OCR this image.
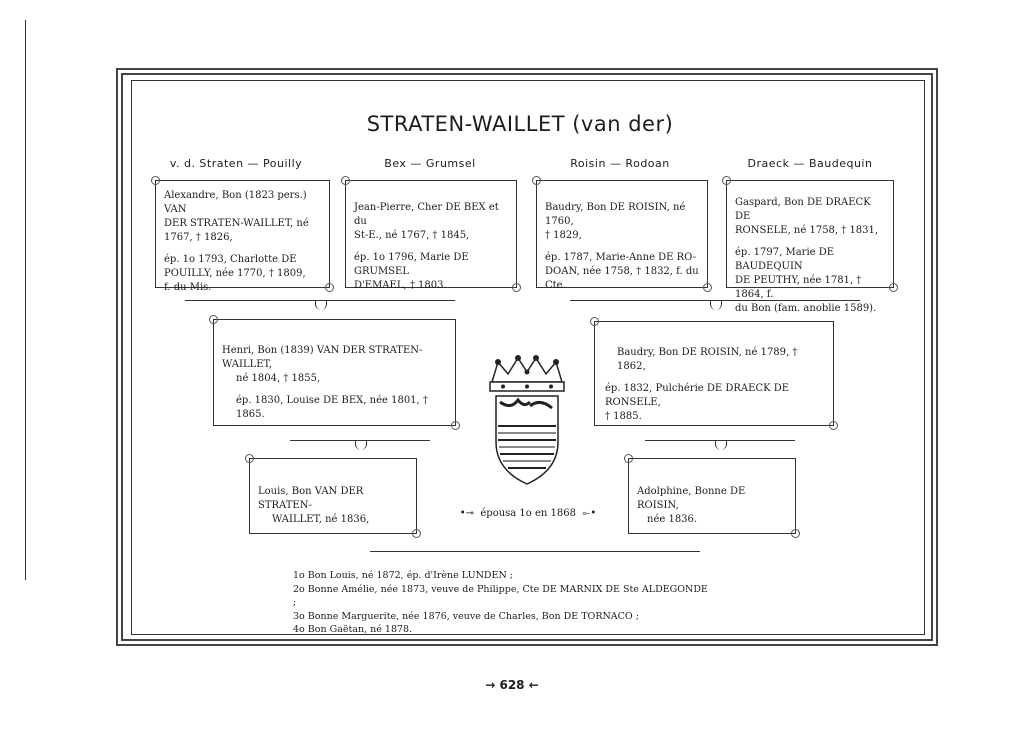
STRATEN-WAILLET (van der)
v. d. Straten — Pouilly	Bex — Grumsel	Roisin — Rodoan	Draeck — Baudequin

Alexandre, Bon (1823 pers.) VAN

DER STRATEN-WAILLET, né

1767, † 1826,

ép. 1o 1793, Charlotte DE

POUILLY, née 1770, † 1809,

f. du Mis.

Jean-Pierre, Cher DE BEX et du

St-E., né 1767, † 1845,

ép. 1o 1796, Marie DE GRUMSEL

D'EMAEL, † 1803.

Baudry, Bon DE ROISIN, né 1760,

† 1829,

ép. 1787, Marie-Anne DE RO-

DOAN, née 1758, † 1832, f. du Cte.

Gaspard, Bon DE DRAECK DE

RONSELE, né 1758, † 1831,

ép. 1797, Marie DE BAUDEQUIN

DE PEUTHY, née 1781, † 1864, f.

du Bon (fam. anoblie 1589).

Henri, Bon (1839) VAN DER STRATEN-WAILLET,

né 1804, † 1855,

ép. 1830, Louise DE BEX, née 1801, † 1865.

Baudry, Bon DE ROISIN, né 1789, † 1862,

ép. 1832, Pulchérie DE DRAECK DE RONSELE,

† 1885.

Louis, Bon VAN DER STRATEN-

WAILLET, né 1836,

Adolphine, Bonne DE ROISIN,

née 1836.

•⊸ épousa 1o en 1868 ⟜•

1o Bon Louis, né 1872, ép. d'Irène LUNDEN ;

2o Bonne Amélie, née 1873, veuve de Philippe, Cte DE MARNIX DE Ste ALDEGONDE ;

3o Bonne Marguerite, née 1876, veuve de Charles, Bon DE TORNACO ;

4o Bon Gaëtan, né 1878.

→ 628 ←
